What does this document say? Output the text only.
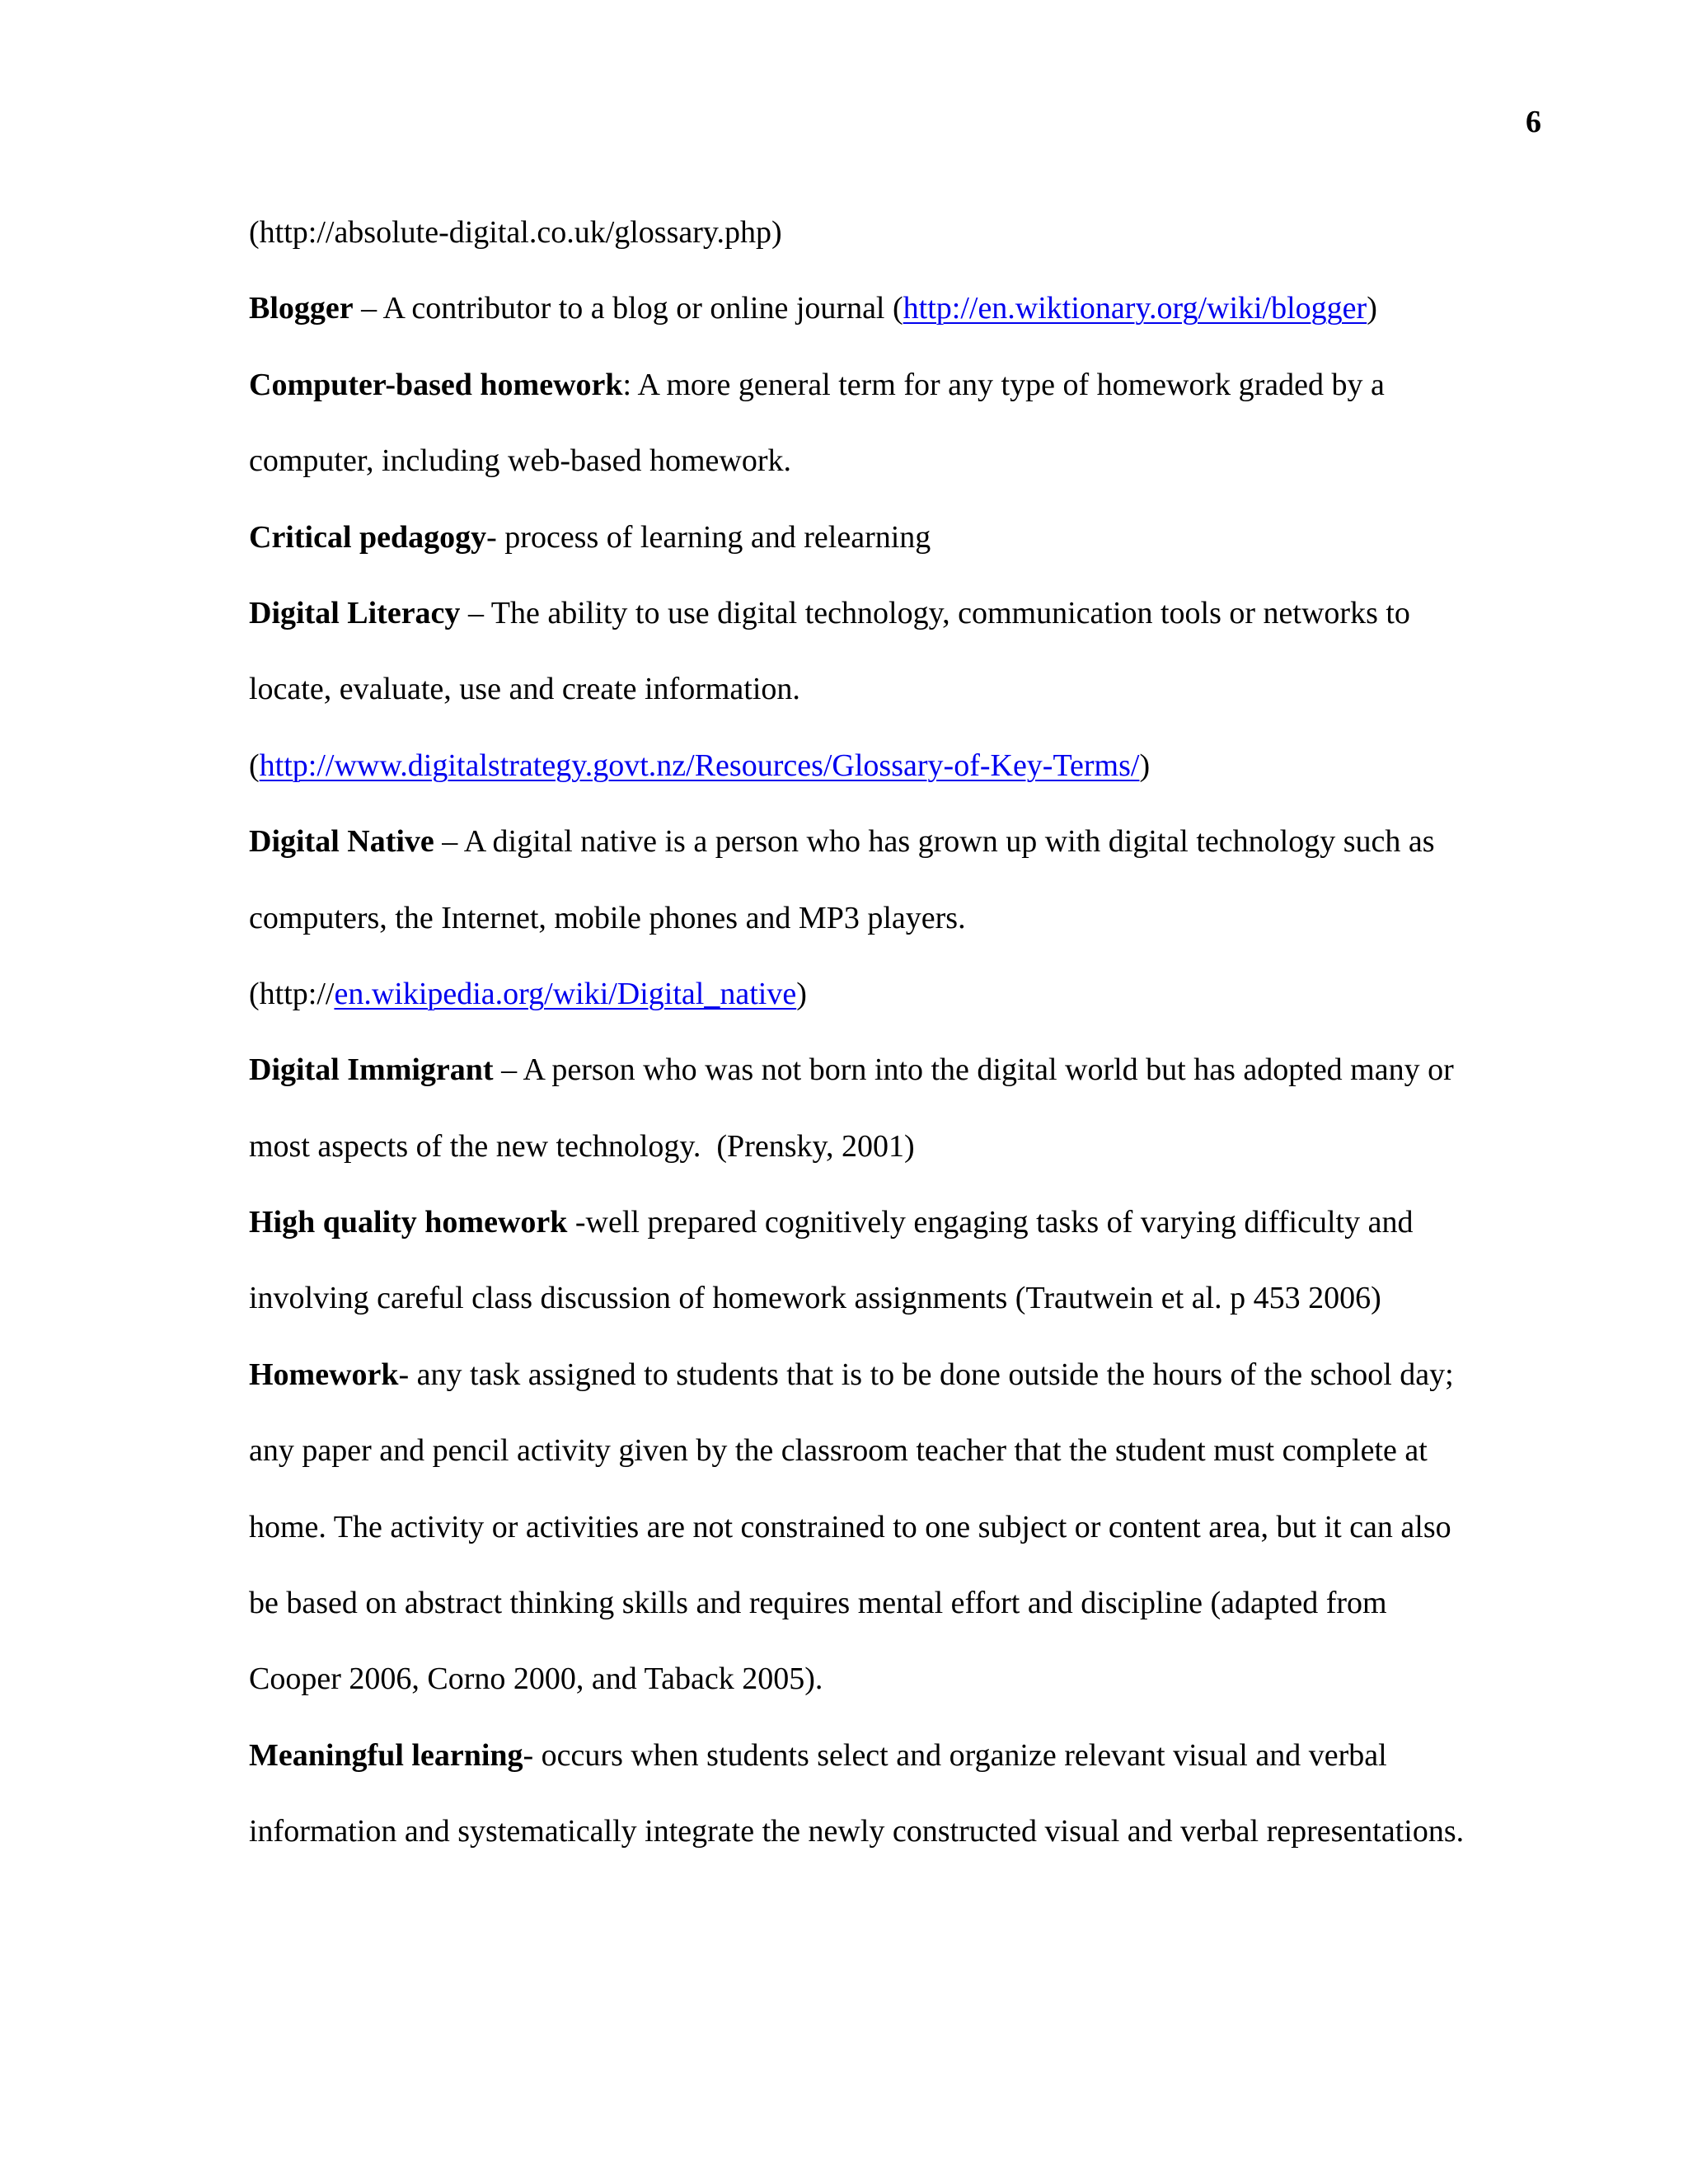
6
(http://absolute-digital.co.uk/glossary.php)
Blogger – A contributor to a blog or online journal (http://en.wiktionary.org/wiki/blogger)
Computer-based homework: A more general term for any type of homework graded by a
computer, including web-based homework.
Critical pedagogy- process of learning and relearning
Digital Literacy – The ability to use digital technology, communication tools or networks to
locate, evaluate, use and create information.
(http://www.digitalstrategy.govt.nz/Resources/Glossary-of-Key-Terms/)
Digital Native – A digital native is a person who has grown up with digital technology such as
computers, the Internet, mobile phones and MP3 players.
(http://en.wikipedia.org/wiki/Digital_native)
Digital Immigrant – A person who was not born into the digital world but has adopted many or
most aspects of the new technology.  (Prensky, 2001)
High quality homework -well prepared cognitively engaging tasks of varying difficulty and
involving careful class discussion of homework assignments (Trautwein et al. p 453 2006)
Homework- any task assigned to students that is to be done outside the hours of the school day;
any paper and pencil activity given by the classroom teacher that the student must complete at
home. The activity or activities are not constrained to one subject or content area, but it can also
be based on abstract thinking skills and requires mental effort and discipline (adapted from
Cooper 2006, Corno 2000, and Taback 2005).
Meaningful learning- occurs when students select and organize relevant visual and verbal
information and systematically integrate the newly constructed visual and verbal representations.
